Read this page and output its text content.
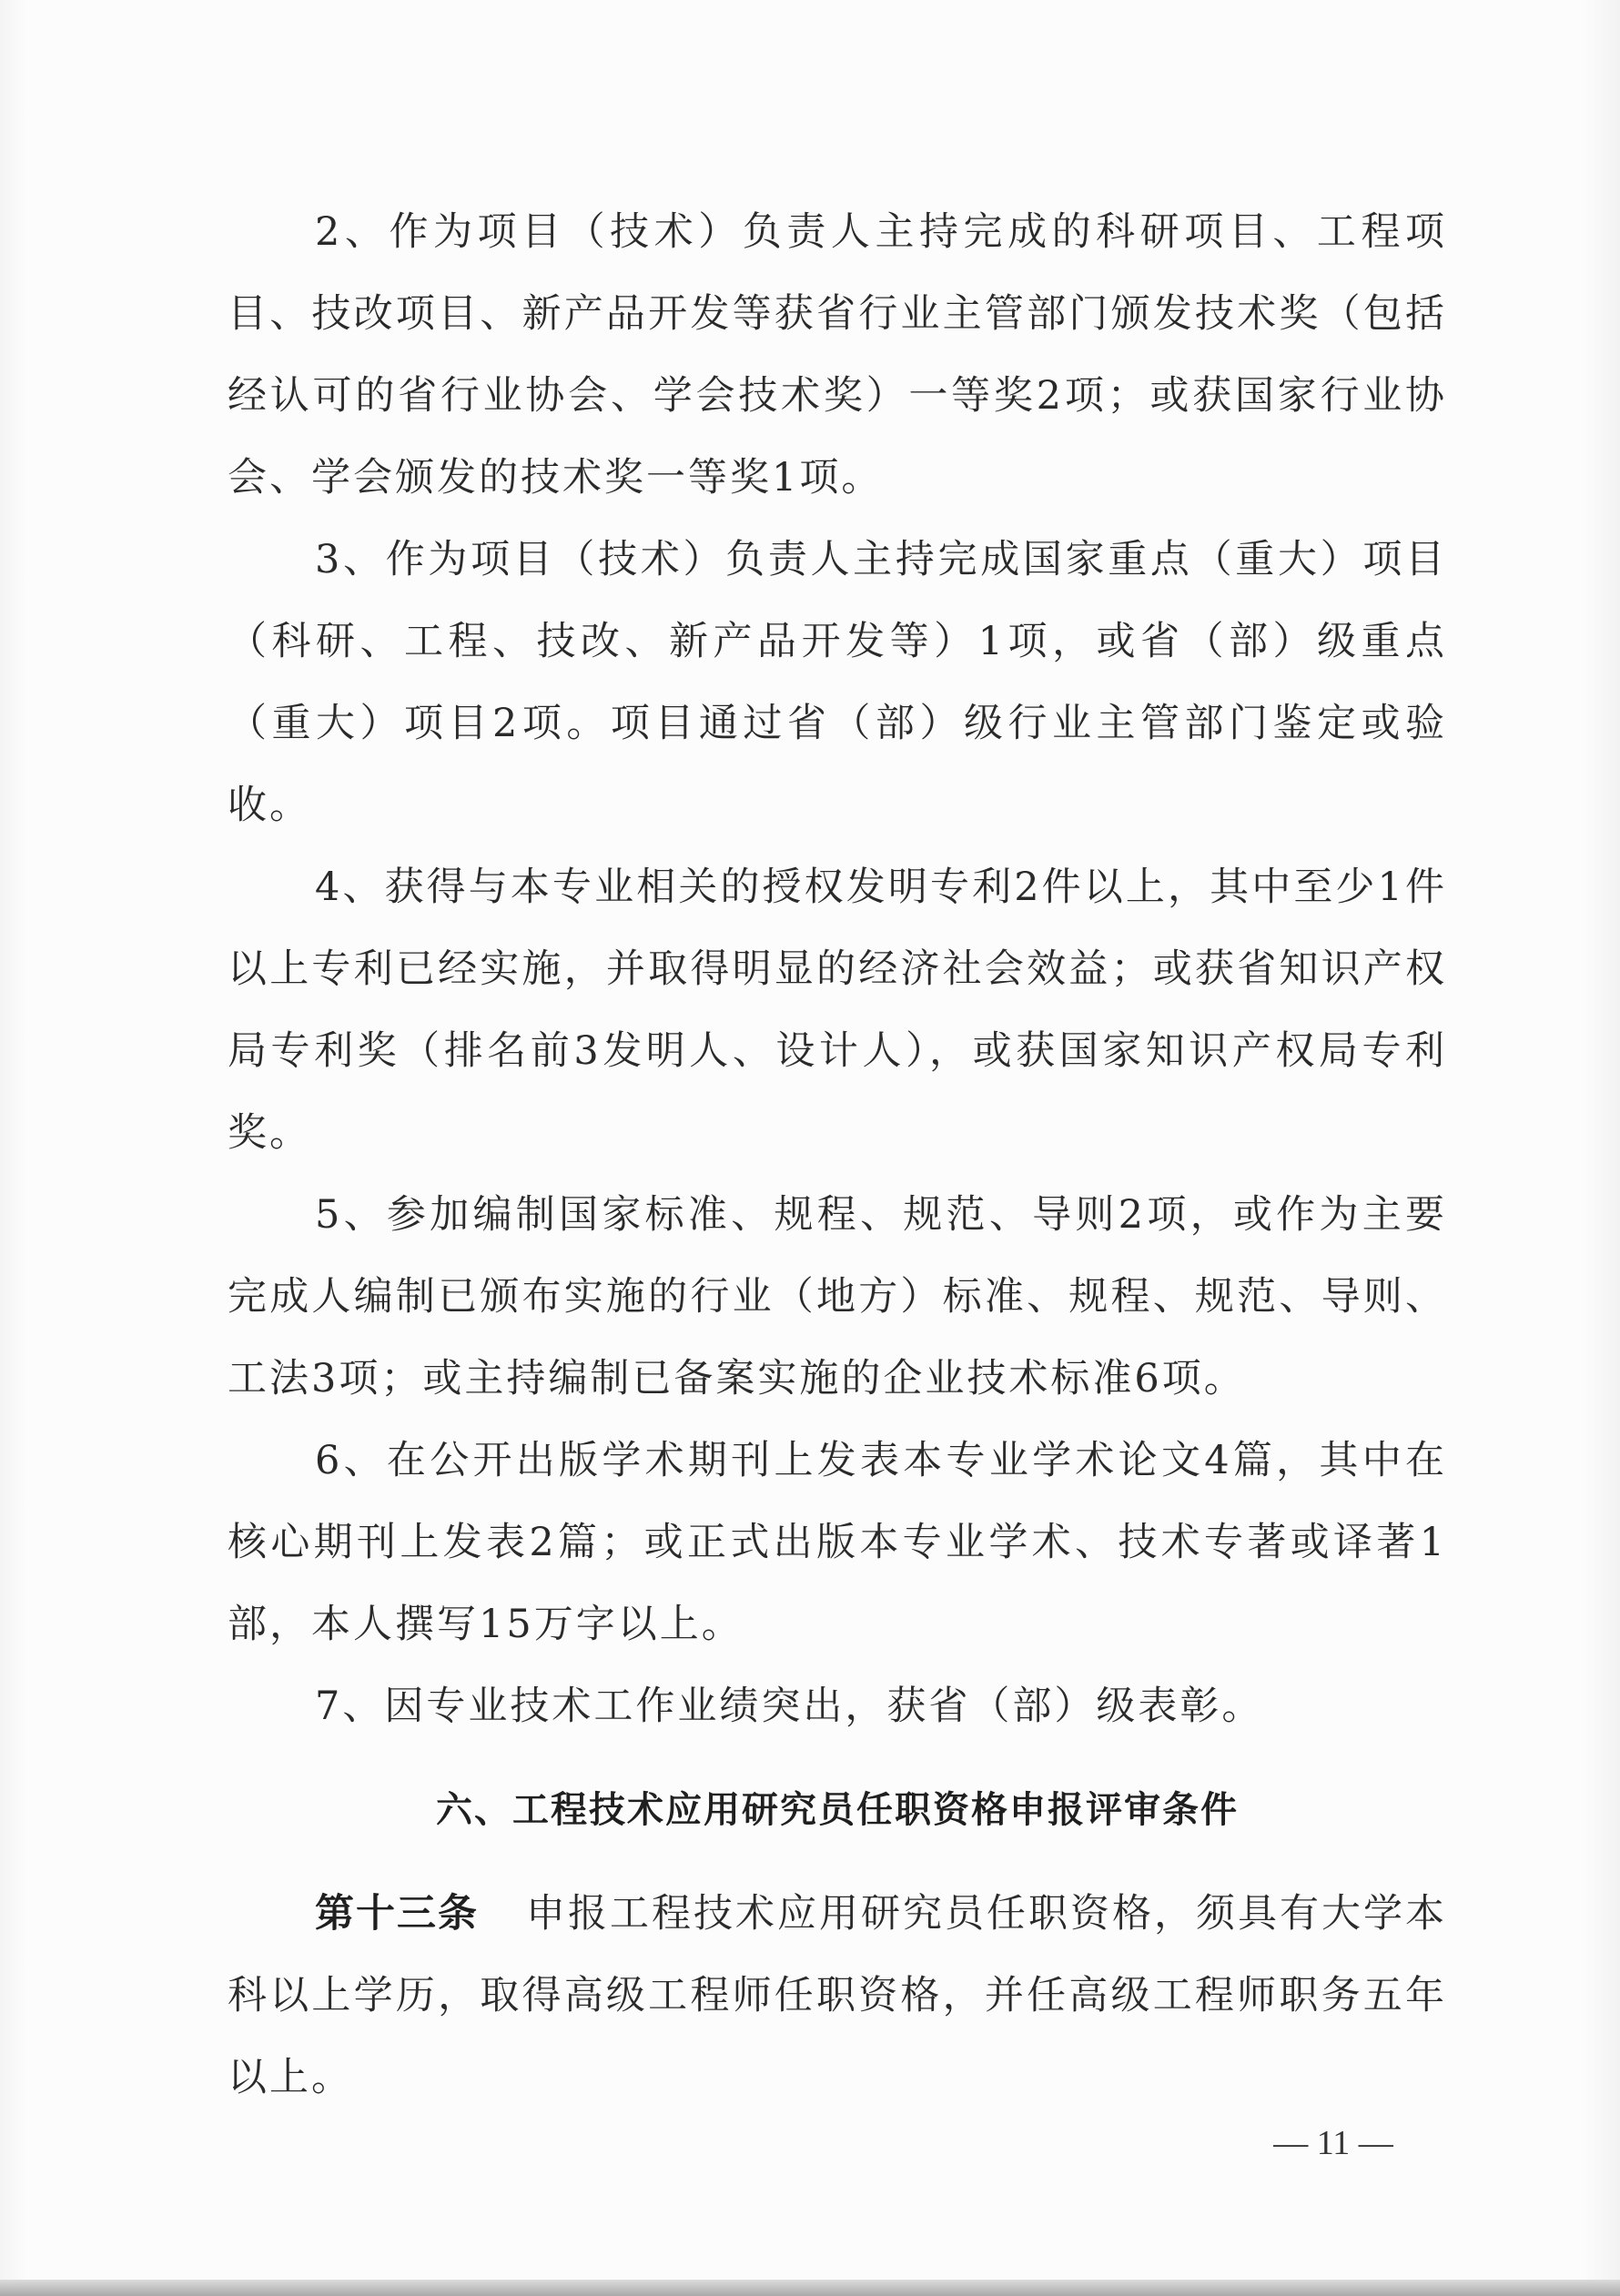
2、作为项目（技术）负责人主持完成的科研项目、工程项目、技改项目、新产品开发等获省行业主管部门颁发技术奖（包括经认可的省行业协会、学会技术奖）一等奖2项；或获国家行业协会、学会颁发的技术奖一等奖1项。

3、作为项目（技术）负责人主持完成国家重点（重大）项目（科研、工程、技改、新产品开发等）1项，或省（部）级重点（重大）项目2项。项目通过省（部）级行业主管部门鉴定或验收。

4、获得与本专业相关的授权发明专利2件以上，其中至少1件以上专利已经实施，并取得明显的经济社会效益；或获省知识产权局专利奖（排名前3发明人、设计人），或获国家知识产权局专利奖。

5、参加编制国家标准、规程、规范、导则2项，或作为主要完成人编制已颁布实施的行业（地方）标准、规程、规范、导则、工法3项；或主持编制已备案实施的企业技术标准6项。

6、在公开出版学术期刊上发表本专业学术论文4篇，其中在核心期刊上发表2篇；或正式出版本专业学术、技术专著或译著1部，本人撰写15万字以上。

7、因专业技术工作业绩突出，获省（部）级表彰。

六、工程技术应用研究员任职资格申报评审条件

第十三条 申报工程技术应用研究员任职资格，须具有大学本科以上学历，取得高级工程师任职资格，并任高级工程师职务五年以上。

— 11 —
